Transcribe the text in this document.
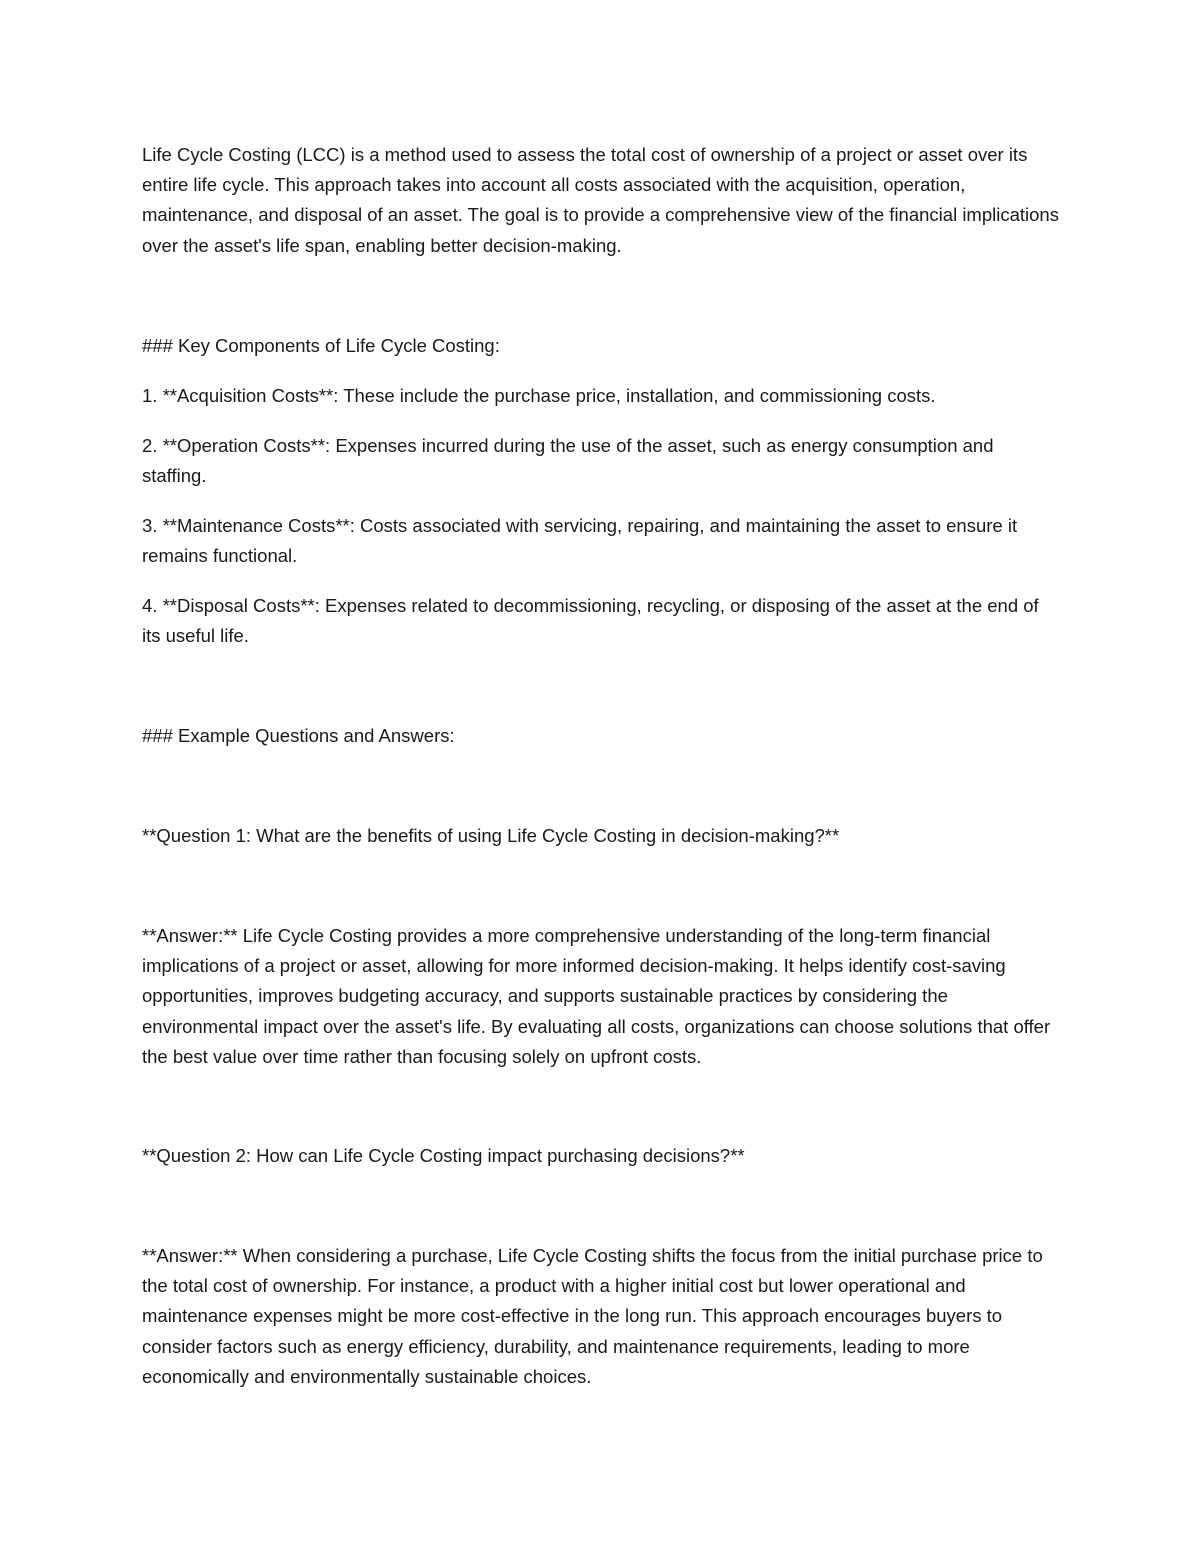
Life Cycle Costing (LCC) is a method used to assess the total cost of ownership of a project or asset over its entire life cycle. This approach takes into account all costs associated with the acquisition, operation, maintenance, and disposal of an asset. The goal is to provide a comprehensive view of the financial implications over the asset's life span, enabling better decision-making.

### Key Components of Life Cycle Costing:

1. **Acquisition Costs**: These include the purchase price, installation, and commissioning costs.

2. **Operation Costs**: Expenses incurred during the use of the asset, such as energy consumption and staffing.

3. **Maintenance Costs**: Costs associated with servicing, repairing, and maintaining the asset to ensure it remains functional.

4. **Disposal Costs**: Expenses related to decommissioning, recycling, or disposing of the asset at the end of its useful life.

### Example Questions and Answers:

**Question 1: What are the benefits of using Life Cycle Costing in decision-making?**

**Answer:** Life Cycle Costing provides a more comprehensive understanding of the long-term financial implications of a project or asset, allowing for more informed decision-making. It helps identify cost-saving opportunities, improves budgeting accuracy, and supports sustainable practices by considering the environmental impact over the asset's life. By evaluating all costs, organizations can choose solutions that offer the best value over time rather than focusing solely on upfront costs.

**Question 2: How can Life Cycle Costing impact purchasing decisions?**

**Answer:** When considering a purchase, Life Cycle Costing shifts the focus from the initial purchase price to the total cost of ownership. For instance, a product with a higher initial cost but lower operational and maintenance expenses might be more cost-effective in the long run. This approach encourages buyers to consider factors such as energy efficiency, durability, and maintenance requirements, leading to more economically and environmentally sustainable choices.
